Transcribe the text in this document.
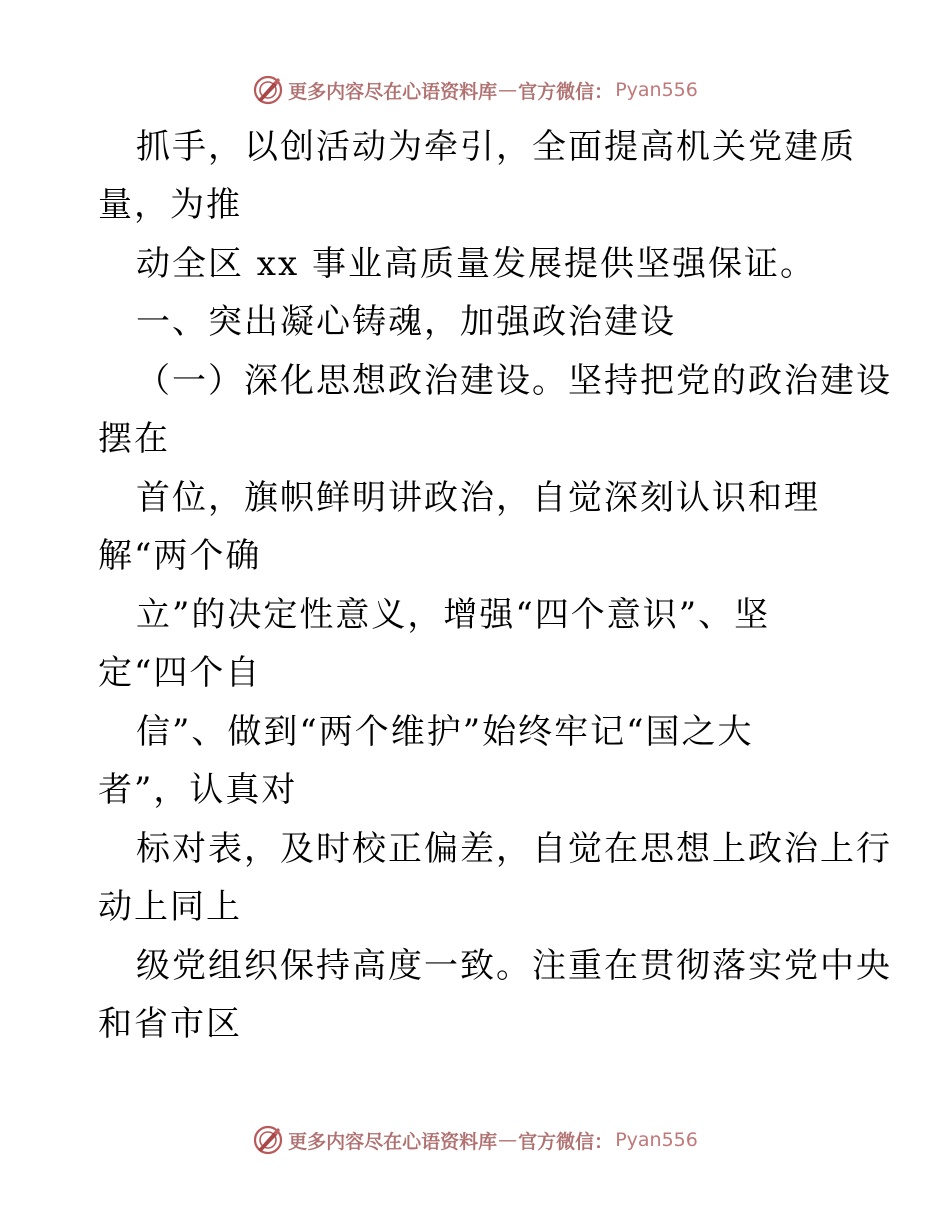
更多内容尽在心语资料库 — 官方微信： Pyan556
抓手，以创活动为牵引，全面提高机关党建质
量，为推
动全区 xx 事业高质量发展提供坚强保证。
一、突出凝心铸魂，加强政治建设
（一）深化思想政治建设。坚持把党的政治建设
摆在
首位，旗帜鲜明讲政治，自觉深刻认识和理
解“两个确
立”的决定性意义，增强“四个意识”、坚
定“四个自
信”、做到“两个维护”始终牢记“国之大
者”，认真对
标对表，及时校正偏差，自觉在思想上政治上行
动上同上
级党组织保持高度一致。注重在贯彻落实党中央
和省市区
更多内容尽在心语资料库 — 官方微信： Pyan556
